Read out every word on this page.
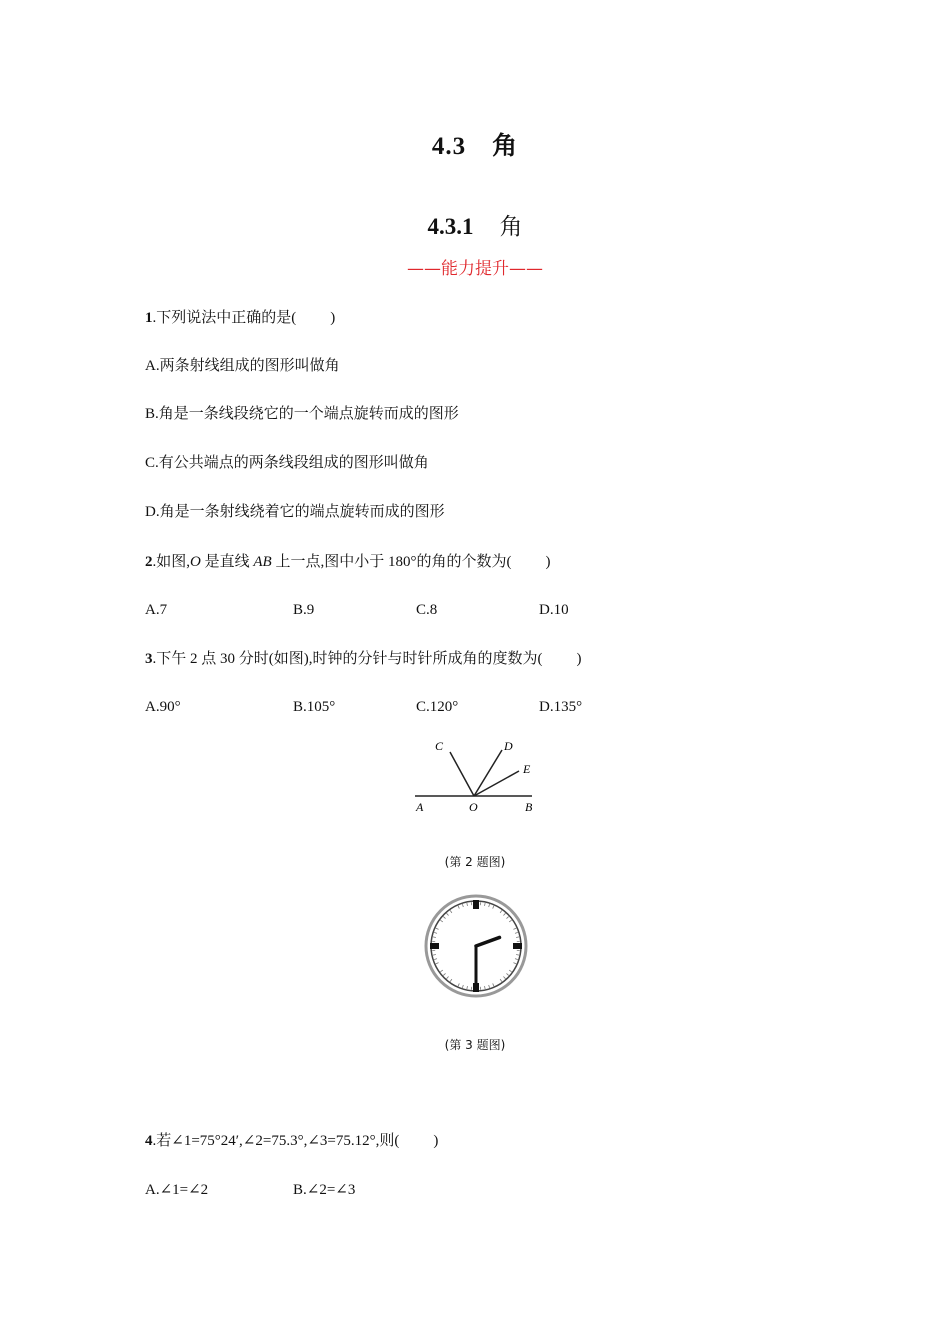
4.3 角
4.3.1 角
——能力提升——
1.下列说法中正确的是( )
A.两条射线组成的图形叫做角
B.角是一条线段绕它的一个端点旋转而成的图形
C.有公共端点的两条线段组成的图形叫做角
D.角是一条射线绕着它的端点旋转而成的图形
2.如图,O 是直线 AB 上一点,图中小于 180°的角的个数为( )
A.7	B.9	C.8	D.10
3.下午 2 点 30 分时(如图),时钟的分针与时针所成角的度数为( )
A.90°	B.105°	C.120°	D.135°
C	D
E
A	O	B
(第 2 题图)
(第 3 题图)
4.若∠1=75°24′,∠2=75.3°,∠3=75.12°,则( )
A.∠1=∠2	B.∠2=∠3
